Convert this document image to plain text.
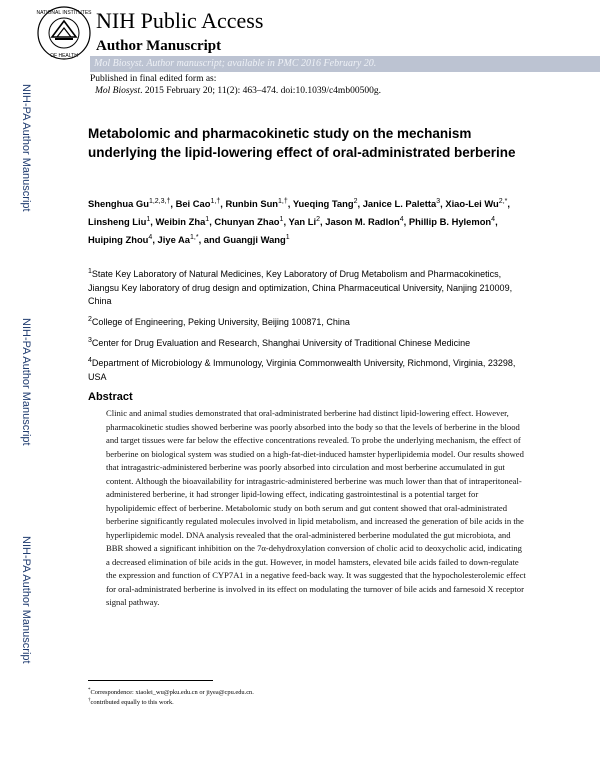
NATIONAL INSTITUTES
OF HEALTH
NIH Public Access
Author Manuscript
Mol Biosyst. Author manuscript; available in PMC 2016 February 20.
Published in final edited form as:
Mol Biosyst. 2015 February 20; 11(2): 463–474. doi:10.1039/c4mb00500g.
NIH-PA Author Manuscript
NIH-PA Author Manuscript
NIH-PA Author Manuscript
Metabolomic and pharmacokinetic study on the mechanism underlying the lipid-lowering effect of oral-administrated berberine
Shenghua $Gu^{1,2,3,\dagger}$, Bei Cao$^{1,\dagger}$, Runbin Sun$^{1,\dagger}$, Yueqing Tang$^2$, Janice L. Paletta$^3$, Xiao-Lei $Wu^{2,*}$, Linsheng Liu$^1$, Weibin Zha$^1$, Chunyan Zhao$^1$, Yan Li$^2$, Jason M. Radlon$^4$, Phillip B. Hylemon$^4$, Huiping Zhou$^4$, Jiye $Aa^{1,*}$, and Guangji Wang$^1$
$^1$State Key Laboratory of Natural Medicines, Key Laboratory of Drug Metabolism and Pharmacokinetics, Jiangsu Key laboratory of drug design and optimization, China Pharmaceutical University, Nanjing 210009, China
$^2$College of Engineering, Peking University, Beijing 100871, China
$^3$Center for Drug Evaluation and Research, Shanghai University of Traditional Chinese Medicine
$^4$Department of Microbiology & Immunology, Virginia Commonwealth University, Richmond, Virginia, 23298, USA
Abstract
Clinic and animal studies demonstrated that oral-administrated berberine had distinct lipid-lowering effect. However, pharmacokinetic studies showed berberine was poorly absorbed into the body so that the levels of berberine in the blood and target tissues were far below the effective concentrations revealed. To probe the underlying mechanism, the effect of berberine on biological system was studied on a high-fat-diet-induced hamster hyperlipidemia model. Our results showed that intragastric-administered berberine was poorly absorbed into circulation and most berberine accumulated in gut content. Although the bioavailability for intragastric-administered berberine was much lower than that of intraperitoneal-administered berberine, it had stronger lipid-lowing effect, indicating gastrointestinal is a potential target for hypolipidemic effect of berberine. Metabolomic study on both serum and gut content showed that oral-administrated berberine significantly regulated molecules involved in lipid metabolism, and increased the generation of bile acids in the hyperlipidemic model. DNA analysis revealed that the oral-administered berberine modulated the gut microbiota, and BBR showed a significant inhibition on the 7α-dehydroxylation conversion of cholic acid to deoxycholic acid, indicating a decreased elimination of bile acids in the gut. However, in model hamsters, elevated bile acids failed to down-regulate the expression and function of CYP7A1 in a negative feed-back way. It was suggested that the hypocholesterolemic effect for oral-administrated berberine is involved in its effect on modulating the turnover of bile acids and farnesoid X receptor signal pathway.
*Correspondence: xiaolei_wu@pku.edu.cn or jiyea@cpu.edu.cn.
†contributed equally to this work.
